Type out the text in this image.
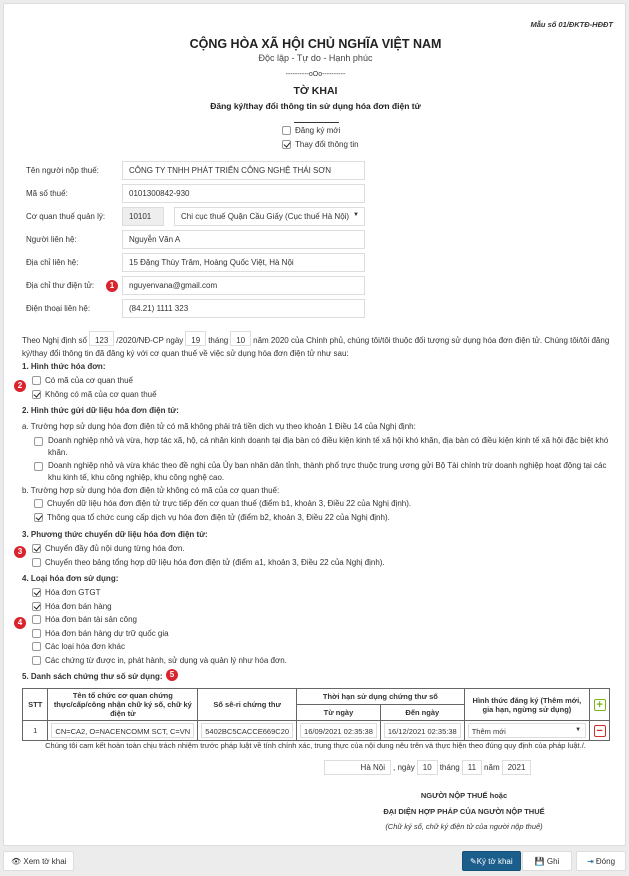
Mẫu số 01/ĐKTĐ-HĐĐT
CỘNG HÒA XÃ HỘI CHỦ NGHĨA VIỆT NAM
Độc lập - Tự do - Hạnh phúc
----------oOo----------
TỜ KHAI
Đăng ký/thay đổi thông tin sử dụng hóa đơn điện tử
Đăng ký mới
Thay đổi thông tin
Tên người nộp thuế:	CÔNG TY TNHH PHÁT TRIỂN CÔNG NGHỆ THÁI SƠN
Mã số thuế:	0101300842-930
Cơ quan thuế quản lý:	10101	Chi cục thuế Quận Cầu Giấy (Cục thuế Hà Nội) ▼
Người liên hệ:	Nguyễn Văn A
Địa chỉ liên hệ:	15 Đặng Thùy Trâm, Hoàng Quốc Việt, Hà Nội
Địa chỉ thư điện tử:	nguyenvana@gmail.com
Điện thoại liên hệ:	(84.21) 1111 323
1
Theo Nghị định số 123 /2020/NĐ-CP ngày 19 tháng 10 năm 2020 của Chính phủ, chúng tôi/tôi thuộc đối tượng sử dụng hóa đơn điện tử. Chúng tôi/tôi đăng
ký/thay đổi thông tin đã đăng ký với cơ quan thuế về việc sử dụng hóa đơn điện tử như sau:
1. Hình thức hóa đơn:
2
Có mã của cơ quan thuế
Không có mã của cơ quan thuế
2. Hình thức gửi dữ liệu hóa đơn điện tử:
a. Trường hợp sử dụng hóa đơn điện tử có mã không phải trả tiền dịch vụ theo khoản 1 Điều 14 của Nghị định:
Doanh nghiệp nhỏ và vừa, hợp tác xã, hộ, cá nhân kinh doanh tại địa bàn có điều kiện kinh tế xã hội khó khăn, địa bàn có điều kiện kinh tế xã hội đặc biệt khó khăn.
Doanh nghiệp nhỏ và vừa khác theo đề nghị của Ủy ban nhân dân tỉnh, thành phố trực thuộc trung ương gửi Bộ Tài chính trừ doanh nghiệp hoạt động tại các khu kinh tế, khu công nghiệp, khu công nghệ cao.
b. Trường hợp sử dụng hóa đơn điện tử không có mã của cơ quan thuế:
Chuyển dữ liệu hóa đơn điện tử trực tiếp đến cơ quan thuế (điểm b1, khoản 3, Điều 22 của Nghị định).
Thông qua tổ chức cung cấp dịch vụ hóa đơn điện tử (điểm b2, khoản 3, Điều 22 của Nghị định).
3. Phương thức chuyển dữ liệu hóa đơn điện tử:
3	Chuyển đầy đủ nội dung từng hóa đơn.
Chuyển theo bảng tổng hợp dữ liệu hóa đơn điện tử (điểm a1, khoản 3, Điều 22 của Nghị định).
4. Loại hóa đơn sử dụng:
4
Hóa đơn GTGT
Hóa đơn bán hàng
Hóa đơn bán tài sản công
Hóa đơn bán hàng dự trữ quốc gia
Các loại hóa đơn khác
Các chứng từ được in, phát hành, sử dụng và quản lý như hóa đơn.
5. Danh sách chứng thư số sử dụng: 5
STT	Tên tổ chức cơ quan chứng thực/cấp/công nhận chữ ký số, chữ ký điện tử	Số sê-ri chứng thư	Thời hạn sử dụng chứng thư số		Hình thức đăng ký (Thêm mới, gia hạn, ngừng sử dụng)	+
			Từ ngày	Đến ngày		
1	CN=CA2, O=NACENCOMM SCT, C=VN	5402BC5CACCE669C20	16/09/2021 02:35:38	16/12/2021 02:35:38	Thêm mới ▼	−
Chúng tôi cam kết hoàn toàn chịu trách nhiệm trước pháp luật về tính chính xác, trung thực của nội dung nêu trên và thực hiện theo đúng quy định của pháp luật./.
Hà Nội , ngày 10 tháng 11 năm 2021
NGƯỜI NỘP THUẾ hoặc
ĐẠI DIỆN HỢP PHÁP CỦA NGƯỜI NỘP THUẾ
(Chữ ký số, chữ ký điện tử của người nộp thuế)
👁 Xem tờ khai	✎Ký tờ khai	💾 Ghi	⇥ Đóng
